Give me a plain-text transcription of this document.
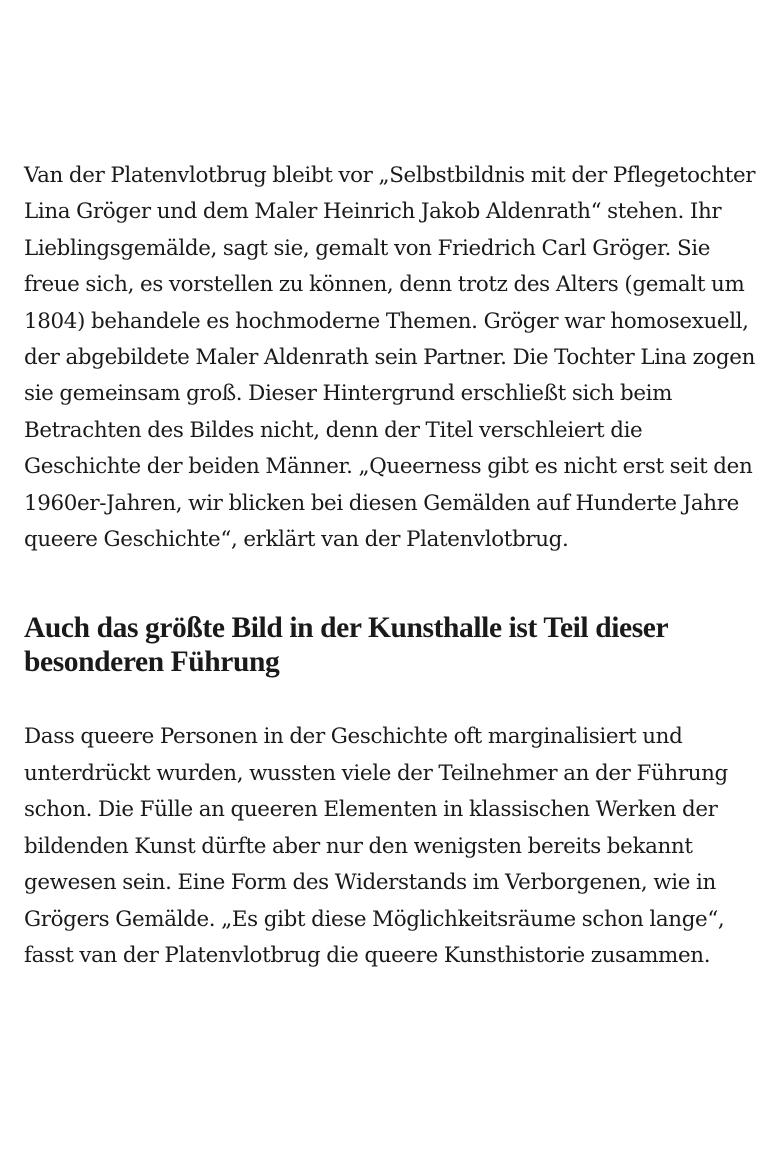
Van der Platenvlotbrug bleibt vor „Selbstbildnis mit der Pflegetochter Lina Gröger und dem Maler Heinrich Jakob Aldenrath“ stehen. Ihr Lieblingsgemälde, sagt sie, gemalt von Friedrich Carl Gröger. Sie freue sich, es vorstellen zu können, denn trotz des Alters (gemalt um 1804) behandele es hochmoderne Themen. Gröger war homosexuell, der abgebildete Maler Aldenrath sein Partner. Die Tochter Lina zogen sie gemeinsam groß. Dieser Hintergrund erschließt sich beim Betrachten des Bildes nicht, denn der Titel verschleiert die Geschichte der beiden Männer. „Queerness gibt es nicht erst seit den 1960er-Jahren, wir blicken bei diesen Gemälden auf Hunderte Jahre queere Geschichte“, erklärt van der Platenvlotbrug.

Auch das größte Bild in der Kunsthalle ist Teil dieser besonderen Führung

Dass queere Personen in der Geschichte oft marginalisiert und unterdrückt wurden, wussten viele der Teilnehmer an der Führung schon. Die Fülle an queeren Elementen in klassischen Werken der bildenden Kunst dürfte aber nur den wenigsten bereits bekannt gewesen sein. Eine Form des Widerstands im Verborgenen, wie in Grögers Gemälde. „Es gibt diese Möglichkeitsräume schon lange“, fasst van der Platenvlotbrug die queere Kunsthistorie zusammen.
